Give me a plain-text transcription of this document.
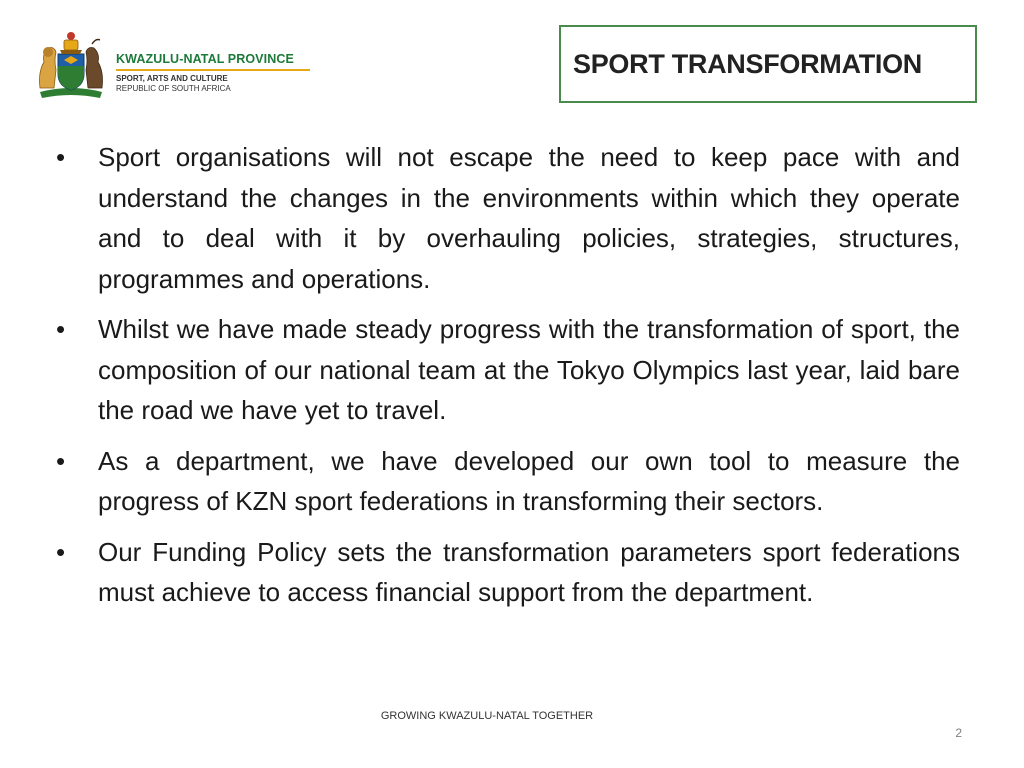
KWAZULU-NATAL PROVINCE
SPORT, ARTS AND CULTURE
REPUBLIC OF SOUTH AFRICA
SPORT TRANSFORMATION
•	Sport organisations will not escape the need to keep pace with and understand the changes in the environments within which they operate and to deal with it by overhauling policies, strategies, structures, programmes and operations.
•	Whilst we have made steady progress with the transformation of sport, the composition of our national team at the Tokyo Olympics last year, laid bare the road we have yet to travel.
•	As a department, we have developed our own tool to measure the progress of KZN sport federations in transforming their sectors.
•	Our Funding Policy sets the transformation parameters sport federations must achieve to access financial support from the department.
GROWING KWAZULU-NATAL TOGETHER
2
